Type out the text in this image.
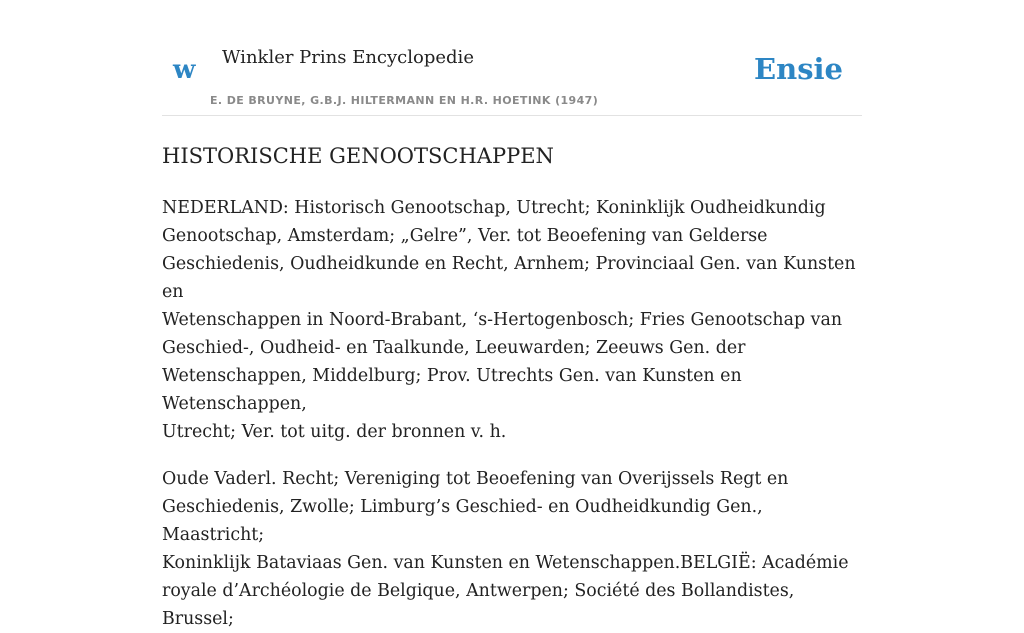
w Winkler Prins Encyclopedie
E. DE BRUYNE, G.B.J. HILTERMANN EN H.R. HOETINK (1947)
Ensie
HISTORISCHE GENOOTSCHAPPEN

NEDERLAND: Historisch Genootschap, Utrecht; Koninklijk Oudheidkundig
Genootschap, Amsterdam; „Gelre”, Ver. tot Beoefening van Gelderse
Geschiedenis, Oudheidkunde en Recht, Arnhem; Provinciaal Gen. van Kunsten en
Wetenschappen in Noord-Brabant, ‘s-Hertogenbosch; Fries Genootschap van
Geschied-, Oudheid- en Taalkunde, Leeuwarden; Zeeuws Gen. der
Wetenschappen, Middelburg; Prov. Utrechts Gen. van Kunsten en Wetenschappen,
Utrecht; Ver. tot uitg. der bronnen v. h.

Oude Vaderl. Recht; Vereniging tot Beoefening van Overijssels Regt en
Geschiedenis, Zwolle; Limburg’s Geschied- en Oudheidkundig Gen., Maastricht;
Koninklijk Bataviaas Gen. van Kunsten en Wetenschappen.BELGIË: Académie
royale d’Archéologie de Belgique, Antwerpen; Société des Bollandistes, Brussel;
